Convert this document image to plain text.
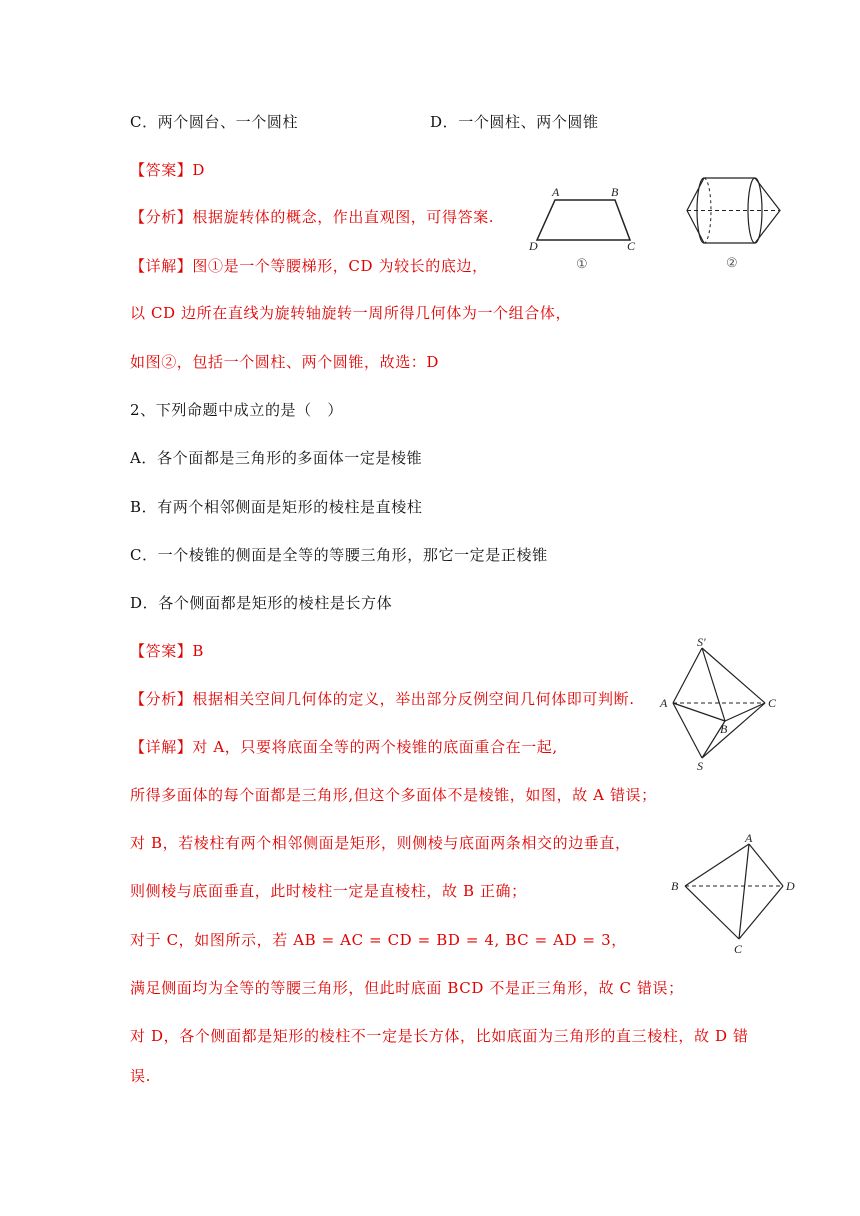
C．两个圆台、一个圆柱	D．一个圆柱、两个圆锥
【答案】D
【分析】根据旋转体的概念，作出直观图，可得答案.
【详解】图①是一个等腰梯形，CD 为较长的底边，
以 CD 边所在直线为旋转轴旋转一周所得几何体为一个组合体，
如图②，包括一个圆柱、两个圆锥，故选：D
A	B
D	C
①	②
2、下列命题中成立的是（　）
A．各个面都是三角形的多面体一定是棱锥
B．有两个相邻侧面是矩形的棱柱是直棱柱
C．一个棱锥的侧面是全等的等腰三角形，那它一定是正棱锥
D．各个侧面都是矩形的棱柱是长方体
【答案】B
【分析】根据相关空间几何体的定义，举出部分反例空间几何体即可判断.
【详解】对 A，只要将底面全等的两个棱锥的底面重合在一起,
所得多面体的每个面都是三角形,但这个多面体不是棱锥，如图，故 A 错误；
对 B，若棱柱有两个相邻侧面是矩形，则侧棱与底面两条相交的边垂直，
则侧棱与底面垂直，此时棱柱一定是直棱柱，故 B 正确；
对于 C，如图所示，若 AB = AC = CD = BD = 4, BC = AD = 3，
满足侧面均为全等的等腰三角形，但此时底面 BCD 不是正三角形，故 C 错误；
对 D，各个侧面都是矩形的棱柱不一定是长方体，比如底面为三角形的直三棱柱，故 D 错
误.
S'
A	C
B
S
A
B	D
C
